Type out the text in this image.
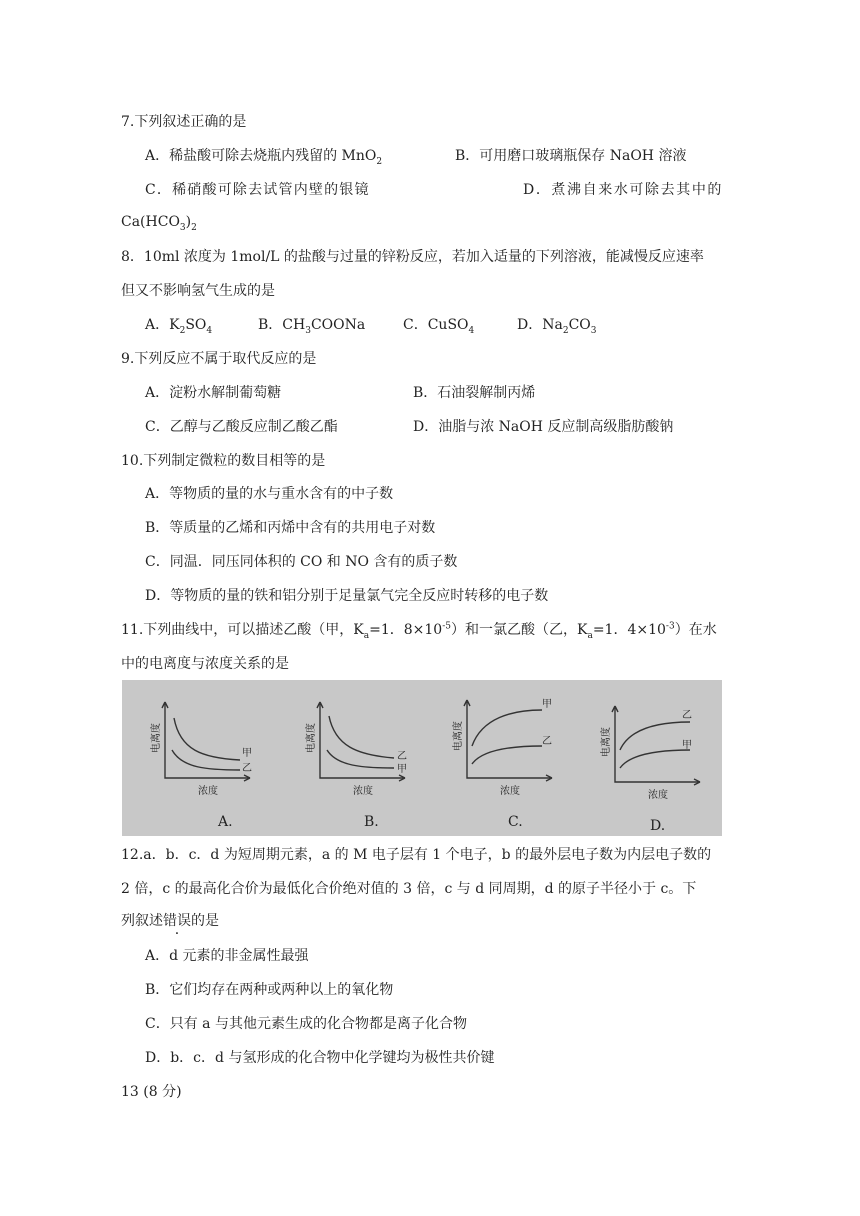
7.下列叙述正确的是
A．稀盐酸可除去烧瓶内残留的 MnO$_2$	B．可用磨口玻璃瓶保存 NaOH 溶液
C．稀硝酸可除去试管内壁的银镜	D．煮沸自来水可除去其中的
$Ca(HCO_3)_2$
8．10ml 浓度为 1mol/L 的盐酸与过量的锌粉反应，若加入适量的下列溶液，能减慢反应速率
但又不影响氢气生成的是
A．$K_2SO_4$	B．$CH_3COONa$	C．CuSO$_4$	D．$Na_2CO_3$
9.下列反应不属于取代反应的是
A．淀粉水解制葡萄糖	B．石油裂解制丙烯
C．乙醇与乙酸反应制乙酸乙酯	D．油脂与浓 NaOH 反应制高级脂肪酸钠
10.下列制定微粒的数目相等的是
A．等物质的量的水与重水含有的中子数
B．等质量的乙烯和丙烯中含有的共用电子对数
C．同温．同压同体积的 CO 和 NO 含有的质子数
D．等物质的量的铁和铝分别于足量氯气完全反应时转移的电子数
11.下列曲线中，可以描述乙酸（甲，$K_a=1$．$8\times 10^{-5}$）和一氯乙酸（乙，$K_a=1$．$4\times 10^{-3}$）在水
中的电离度与浓度关系的是
电离度
浓度
甲
乙
电离度
浓度
乙
甲
电离度
浓度
甲
乙	电离度
浓度
乙
甲
A.	B.	C.	D.
12.a．b．c．d 为短周期元素，a 的 M 电子层有 1 个电子，b 的最外层电子数为内层电子数的
2 倍，c 的最高化合价为最低化合价绝对值的 3 倍，c 与 d 同周期，d 的原子半径小于 c。下
列叙述错误的是
A．d 元素的非金属性最强
B．它们均存在两种或两种以上的氧化物
C．只有 a 与其他元素生成的化合物都是离子化合物
D．b．c．d 与氢形成的化合物中化学键均为极性共价键
13 (8 分)
